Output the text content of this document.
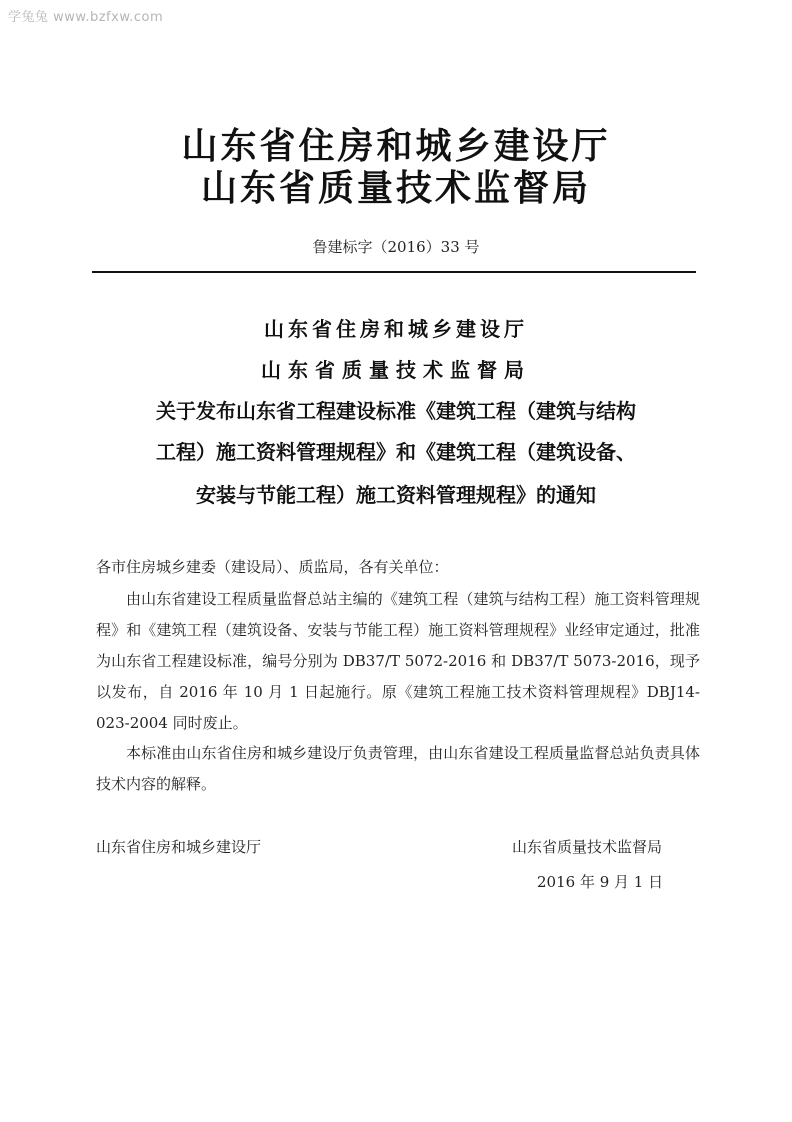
学兔兔 www.bzfxw.com
山东省住房和城乡建设厅
山东省质量技术监督局
鲁建标字（2016）33 号
山东省住房和城乡建设厅
山东省质量技术监督局
关于发布山东省工程建设标准《建筑工程（建筑与结构
工程）施工资料管理规程》和《建筑工程（建筑设备、
安装与节能工程）施工资料管理规程》的通知
各市住房城乡建委（建设局）、质监局，各有关单位：
由山东省建设工程质量监督总站主编的《建筑工程（建筑与结构工程）施工资料管理规程》和《建筑工程（建筑设备、安装与节能工程）施工资料管理规程》业经审定通过，批准为山东省工程建设标准，编号分别为 DB37/T 5072-2016 和 DB37/T 5073-2016，现予以发布，自 2016 年 10 月 1 日起施行。原《建筑工程施工技术资料管理规程》DBJ14-023-2004 同时废止。
本标准由山东省住房和城乡建设厅负责管理，由山东省建设工程质量监督总站负责具体技术内容的解释。
山东省住房和城乡建设厅	山东省质量技术监督局
2016 年 9 月 1 日
